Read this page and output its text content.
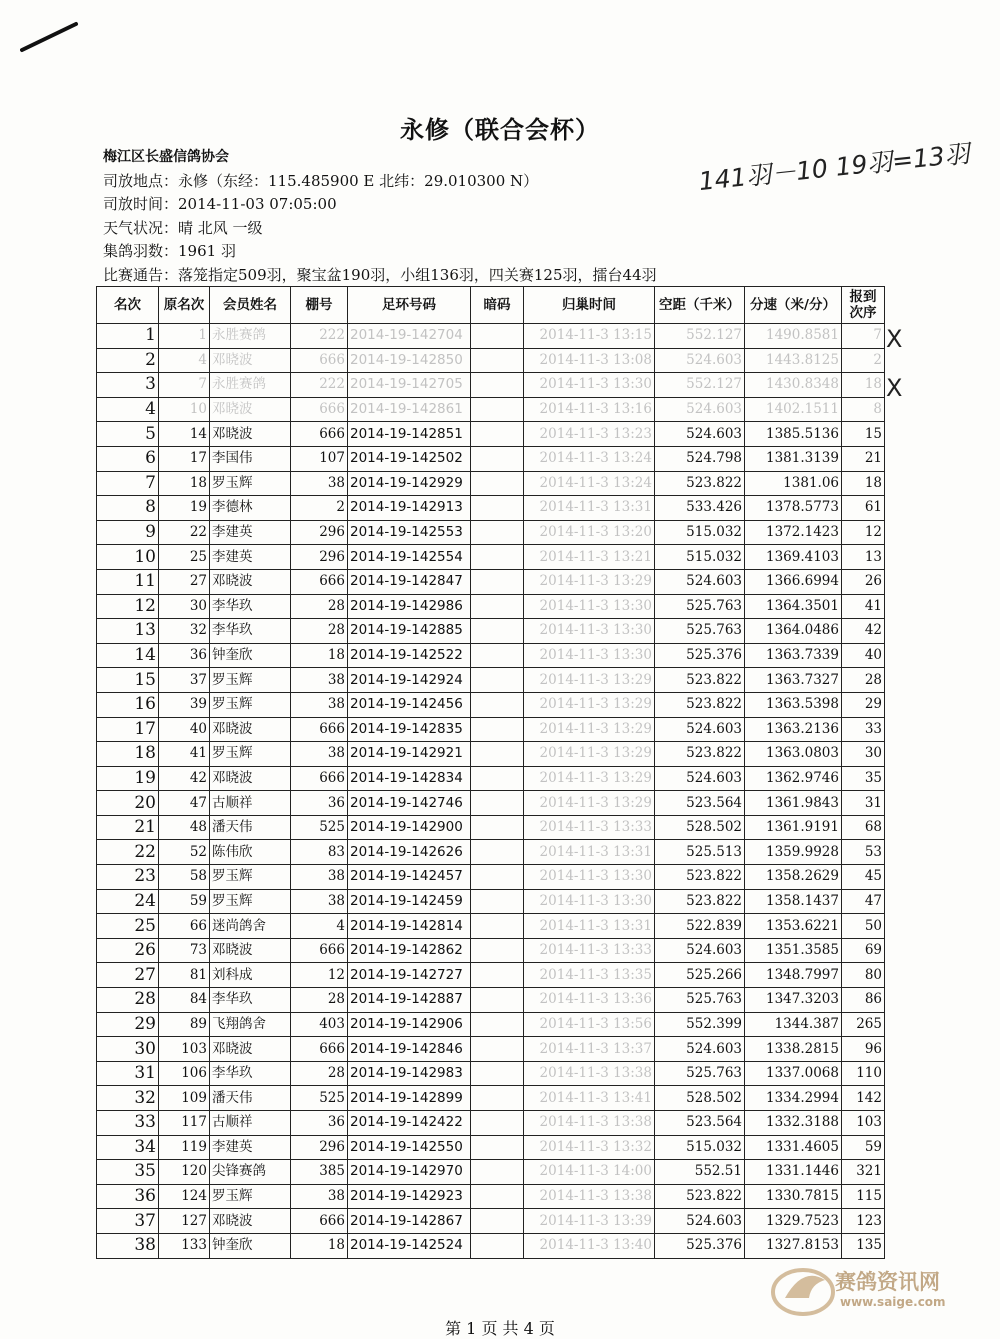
永修（联合会杯）
梅江区长盛信鸽协会
司放地点：永修（东经：115.485900 E 北纬：29.010300 N）
司放时间：2014-11-03 07:05:00
天气状况：晴 北风 一级
集鸽羽数：1961 羽
比赛通告：落笼指定509羽，聚宝盆190羽，小组136羽，四关赛125羽，擂台44羽
141羽－10 19羽=13羽
名次	原名次	会员姓名	棚号	足环号码	暗码	归巢时间	空距（千米）	分速（米/分）	报到次序
1	1	永胜赛鸽	222	2014-19-142704		2014-11-3 13:15	552.127	1490.8581	7
2	4	邓晓波	666	2014-19-142850		2014-11-3 13:08	524.603	1443.8125	2
3	7	永胜赛鸽	222	2014-19-142705		2014-11-3 13:30	552.127	1430.8348	18
4	10	邓晓波	666	2014-19-142861		2014-11-3 13:16	524.603	1402.1511	8
5	14	邓晓波	666	2014-19-142851		2014-11-3 13:23	524.603	1385.5136	15
6	17	李国伟	107	2014-19-142502		2014-11-3 13:24	524.798	1381.3139	21
7	18	罗玉辉	38	2014-19-142929		2014-11-3 13:24	523.822	1381.06	18
8	19	李德林	2	2014-19-142913		2014-11-3 13:31	533.426	1378.5773	61
9	22	李建英	296	2014-19-142553		2014-11-3 13:20	515.032	1372.1423	12
10	25	李建英	296	2014-19-142554		2014-11-3 13:21	515.032	1369.4103	13
11	27	邓晓波	666	2014-19-142847		2014-11-3 13:29	524.603	1366.6994	26
12	30	李华玖	28	2014-19-142986		2014-11-3 13:30	525.763	1364.3501	41
13	32	李华玖	28	2014-19-142885		2014-11-3 13:30	525.763	1364.0486	42
14	36	钟奎欣	18	2014-19-142522		2014-11-3 13:30	525.376	1363.7339	40
15	37	罗玉辉	38	2014-19-142924		2014-11-3 13:29	523.822	1363.7327	28
16	39	罗玉辉	38	2014-19-142456		2014-11-3 13:29	523.822	1363.5398	29
17	40	邓晓波	666	2014-19-142835		2014-11-3 13:29	524.603	1363.2136	33
18	41	罗玉辉	38	2014-19-142921		2014-11-3 13:29	523.822	1363.0803	30
19	42	邓晓波	666	2014-19-142834		2014-11-3 13:29	524.603	1362.9746	35
20	47	古顺祥	36	2014-19-142746		2014-11-3 13:29	523.564	1361.9843	31
21	48	潘天伟	525	2014-19-142900		2014-11-3 13:33	528.502	1361.9191	68
22	52	陈伟欣	83	2014-19-142626		2014-11-3 13:31	525.513	1359.9928	53
23	58	罗玉辉	38	2014-19-142457		2014-11-3 13:30	523.822	1358.2629	45
24	59	罗玉辉	38	2014-19-142459		2014-11-3 13:30	523.822	1358.1437	47
25	66	迷尚鸽舍	4	2014-19-142814		2014-11-3 13:31	522.839	1353.6221	50
26	73	邓晓波	666	2014-19-142862		2014-11-3 13:33	524.603	1351.3585	69
27	81	刘科成	12	2014-19-142727		2014-11-3 13:35	525.266	1348.7997	80
28	84	李华玖	28	2014-19-142887		2014-11-3 13:36	525.763	1347.3203	86
29	89	飞翔鸽舍	403	2014-19-142906		2014-11-3 13:56	552.399	1344.387	265
30	103	邓晓波	666	2014-19-142846		2014-11-3 13:37	524.603	1338.2815	96
31	106	李华玖	28	2014-19-142983		2014-11-3 13:38	525.763	1337.0068	110
32	109	潘天伟	525	2014-19-142899		2014-11-3 13:41	528.502	1334.2994	142
33	117	古顺祥	36	2014-19-142422		2014-11-3 13:38	523.564	1332.3188	103
34	119	李建英	296	2014-19-142550		2014-11-3 13:32	515.032	1331.4605	59
35	120	尖锋赛鸽	385	2014-19-142970		2014-11-3 14:00	552.51	1331.1446	321
36	124	罗玉辉	38	2014-19-142923		2014-11-3 13:38	523.822	1330.7815	115
37	127	邓晓波	666	2014-19-142867		2014-11-3 13:39	524.603	1329.7523	123
38	133	钟奎欣	18	2014-19-142524		2014-11-3 13:40	525.376	1327.8153	135
X
X
赛鸽资讯网
www.saige.com
第 1 页 共 4 页
